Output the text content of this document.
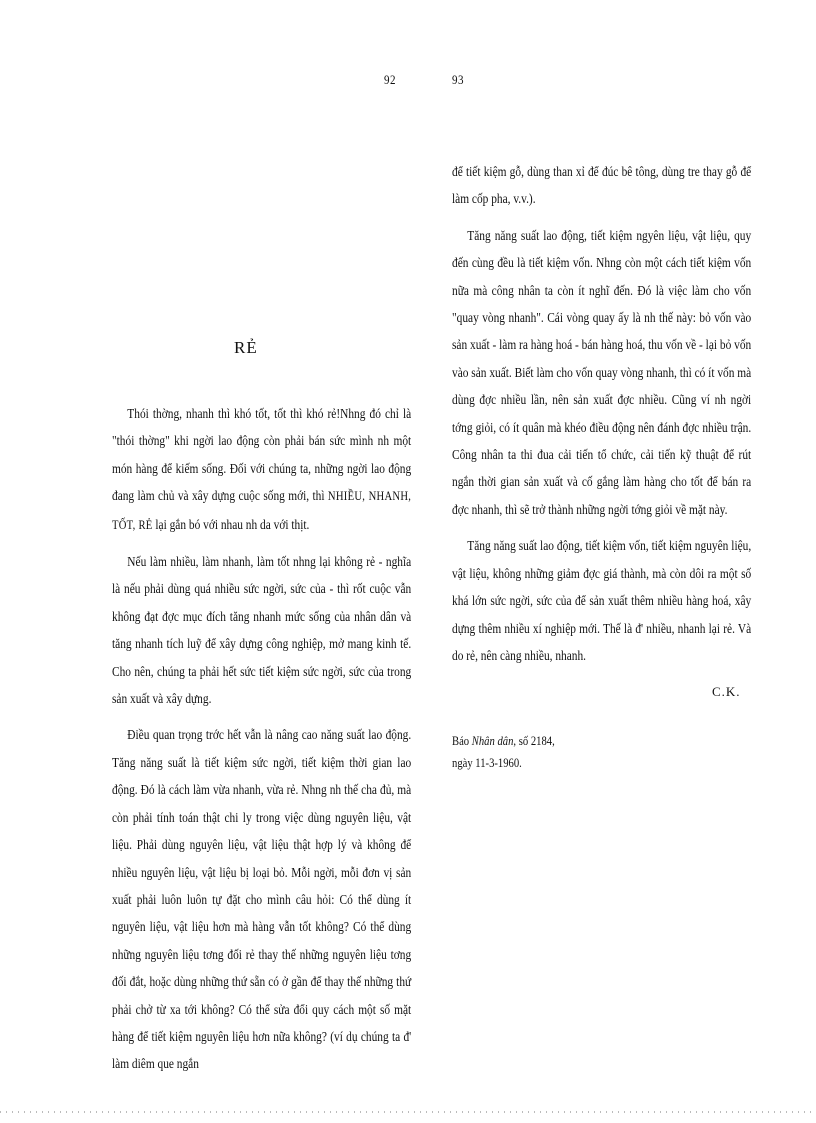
92
RẺ

Thói thờng, nhanh thì khó tốt, tốt thì khó rẻ!Nhng đó chỉ là "thói thờng" khi ngời lao động còn phải bán sức mình nh một món hàng để kiếm sống. Đối với chúng ta, những ngời lao động đang làm chủ và xây dựng cuộc sống mới, thì NHIỀU, NHANH, TỐT, RẺ lại gắn bó với nhau nh da với thịt.

Nếu làm nhiều, làm nhanh, làm tốt nhng lại không rẻ - nghĩa là nếu phải dùng quá nhiều sức ngời, sức của - thì rốt cuộc vẫn không đạt đợc mục đích tăng nhanh mức sống của nhân dân và tăng nhanh tích luỹ để xây dựng công nghiệp, mở mang kinh tế. Cho nên, chúng ta phải hết sức tiết kiệm sức ngời, sức của trong sản xuất và xây dựng.

Điều quan trọng trớc hết vẫn là nâng cao năng suất lao động. Tăng năng suất là tiết kiệm sức ngời, tiết kiệm thời gian lao động. Đó là cách làm vừa nhanh, vừa rẻ. Nhng nh thế cha đủ, mà còn phải tính toán thật chi ly trong việc dùng nguyên liệu, vật liệu. Phải dùng nguyên liệu, vật liệu thật hợp lý và không để nhiều nguyên liệu, vật liệu bị loại bỏ. Mỗi ngời, mỗi đơn vị sản xuất phải luôn luôn tự đặt cho mình câu hỏi: Có thể dùng ít nguyên liệu, vật liệu hơn mà hàng vẫn tốt không? Có thể dùng những nguyên liệu tơng đối rẻ thay thế những nguyên liệu tơng đối đắt, hoặc dùng những thứ sẵn có ở gần để thay thế những thứ phải chở từ xa tới không? Có thể sửa đổi quy cách một số mặt hàng để tiết kiệm nguyên liệu hơn nữa không? (ví dụ chúng ta đ' làm diêm que ngắn

93

để tiết kiệm gỗ, dùng than xỉ để đúc bê tông, dùng tre thay gỗ để làm cốp pha, v.v.).

Tăng năng suất lao động, tiết kiệm ngyên liệu, vật liệu, quy đến cùng đều là tiết kiệm vốn. Nhng còn một cách tiết kiệm vốn nữa mà công nhân ta còn ít nghĩ đến. Đó là việc làm cho vốn "quay vòng nhanh". Cái vòng quay ấy là nh thế này: bỏ vốn vào sản xuất - làm ra hàng hoá - bán hàng hoá, thu vốn về - lại bỏ vốn vào sản xuất. Biết làm cho vốn quay vòng nhanh, thì có ít vốn mà dùng đợc nhiều lần, nên sản xuất đợc nhiều. Cũng ví nh ngời tớng giỏi, có ít quân mà khéo điều động nên đánh đợc nhiều trận. Công nhân ta thi đua cải tiến tổ chức, cải tiến kỹ thuật để rút ngắn thời gian sản xuất và cố gắng làm hàng cho tốt để bán ra đợc nhanh, thì sẽ trở thành những ngời tớng giỏi về mặt này.

Tăng năng suất lao động, tiết kiệm vốn, tiết kiệm nguyên liệu, vật liệu, không những giảm đợc giá thành, mà còn dôi ra một số khá lớn sức ngời, sức của để sản xuất thêm nhiều hàng hoá, xây dựng thêm nhiều xí nghiệp mới. Thế là đ' nhiều, nhanh lại rẻ. Và do rẻ, nên càng nhiều, nhanh.

C.K.
Báo Nhân dân, số 2184,
ngày 11-3-1960.
